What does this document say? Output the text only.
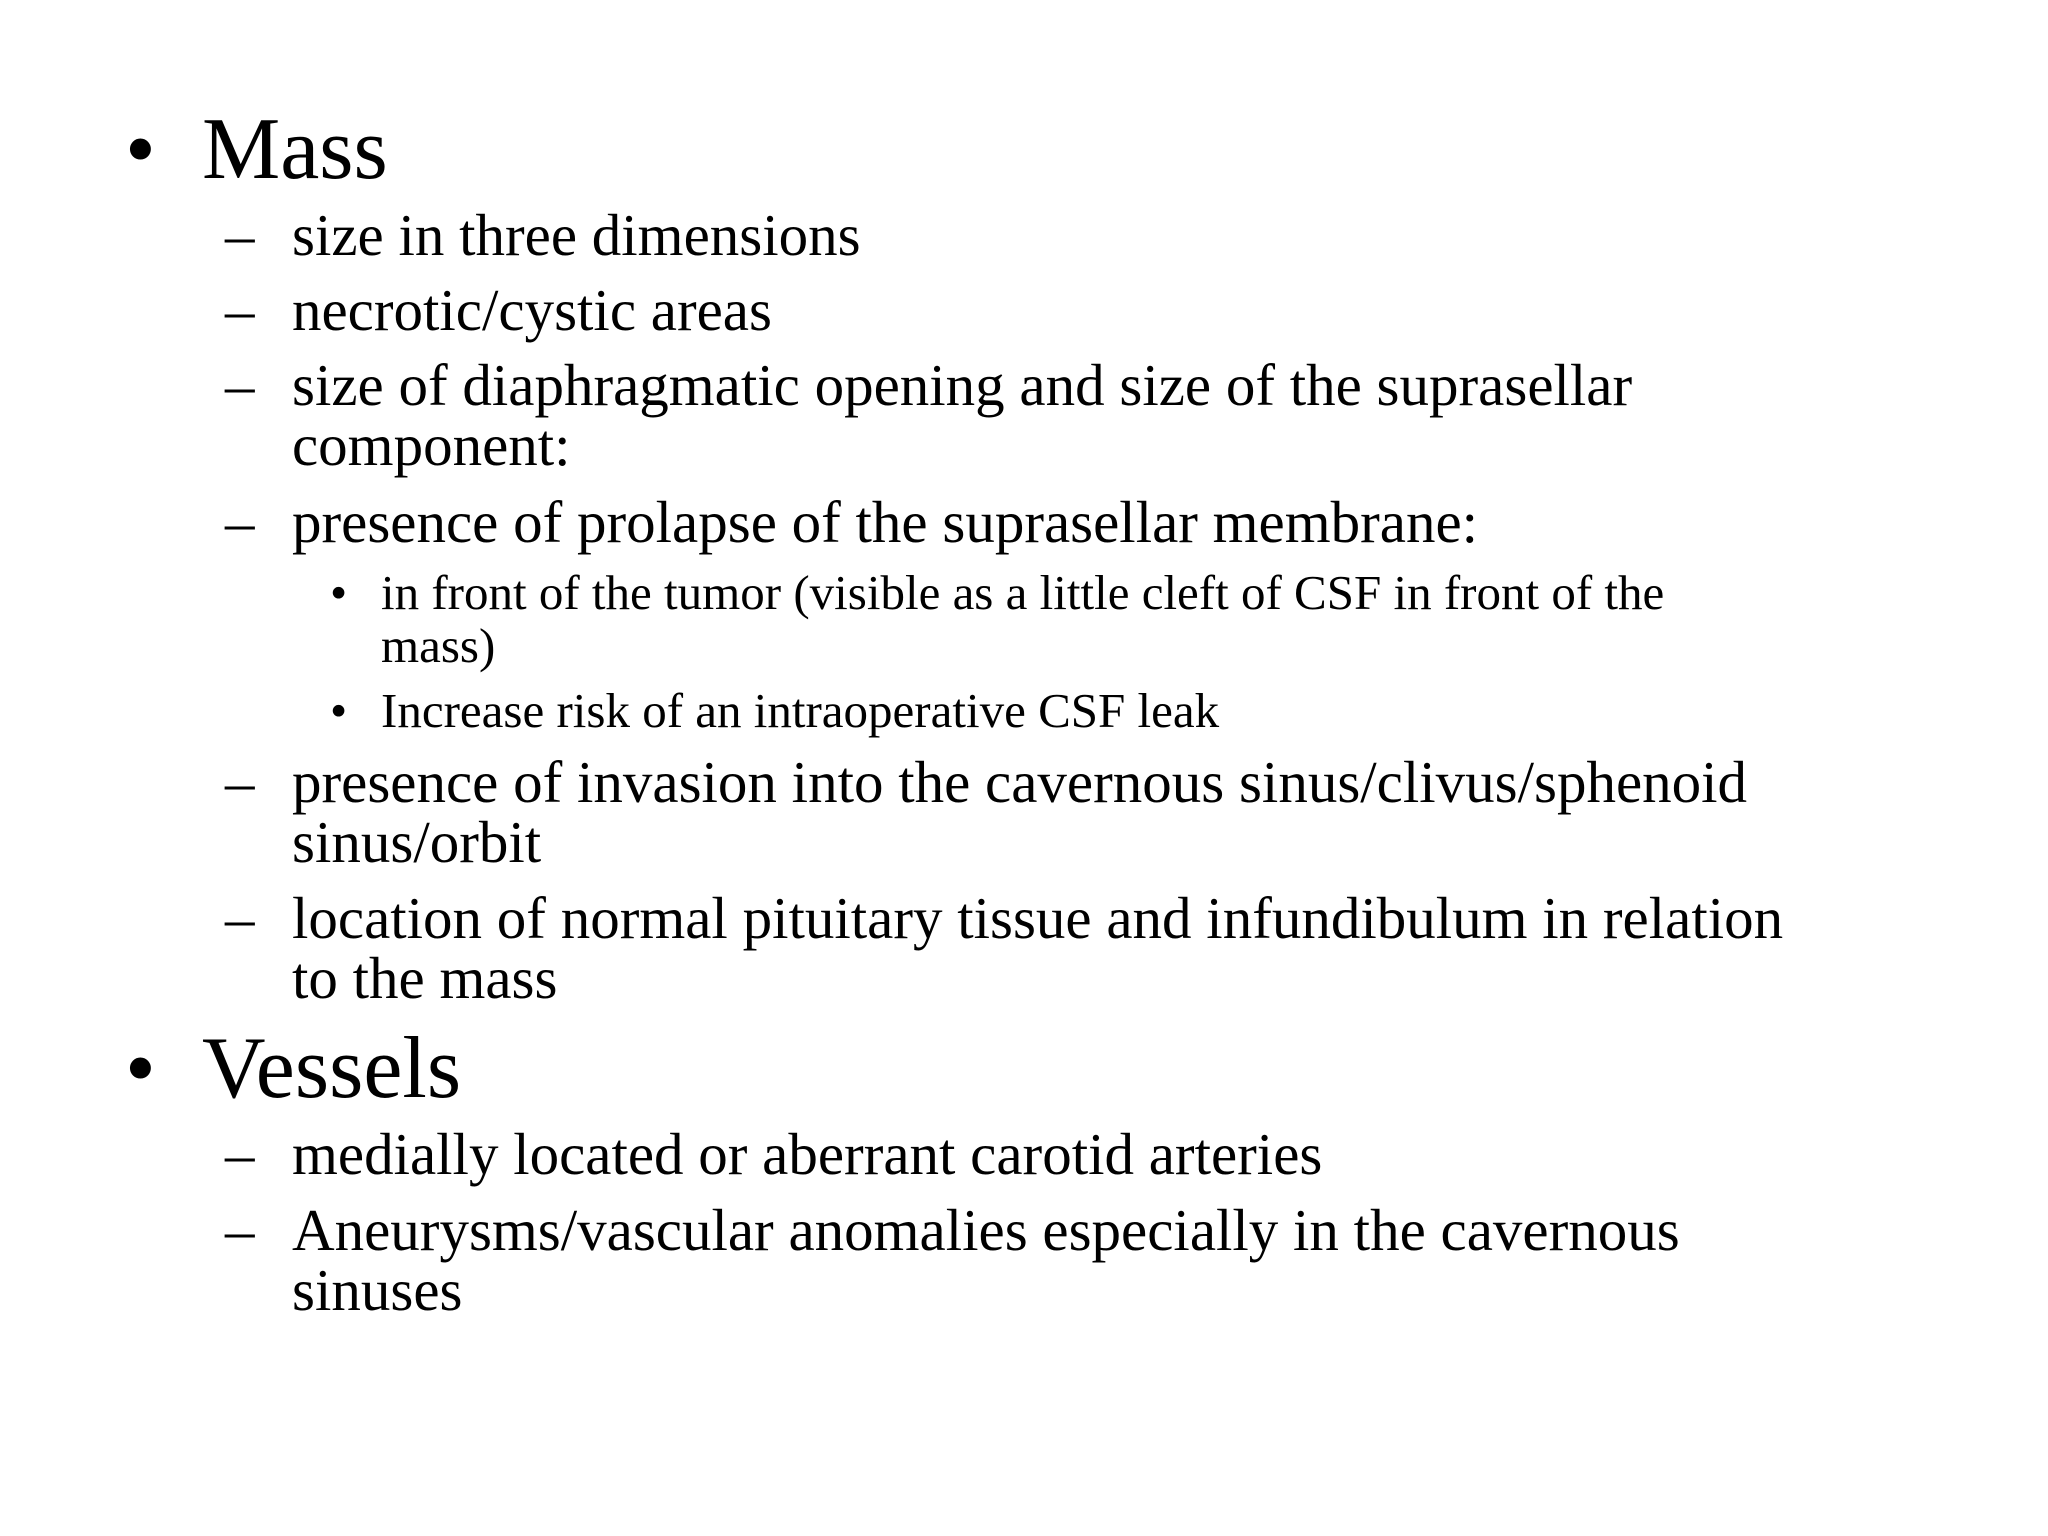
• Mass
– size in three dimensions
– necrotic/cystic areas
– size of diaphragmatic opening and size of the suprasellar
component:
– presence of prolapse of the suprasellar membrane:
• in front of the tumor (visible as a little cleft of CSF in front of the
mass)
• Increase risk of an intraoperative CSF leak
– presence of invasion into the cavernous sinus/clivus/sphenoid
sinus/orbit
– location of normal pituitary tissue and infundibulum in relation
to the mass
• Vessels
– medially located or aberrant carotid arteries
– Aneurysms/vascular anomalies especially in the cavernous
sinuses
